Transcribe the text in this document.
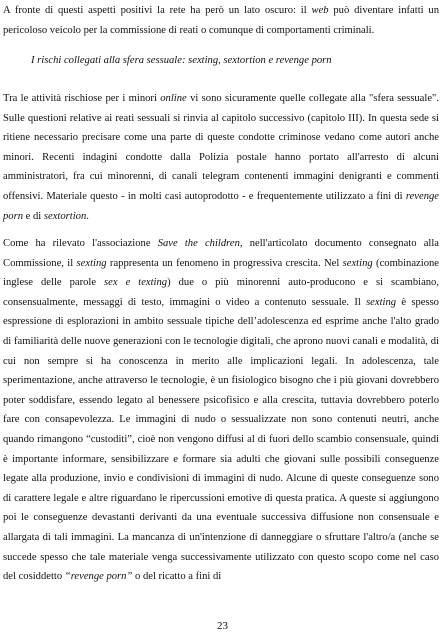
A fronte di questi aspetti positivi la rete ha però un lato oscuro: il web può diventare infatti un pericoloso veicolo per la commissione di reati o comunque di comportamenti criminali.

I rischi collegati alla sfera sessuale: sexting, sextortion e revenge porn

Tra le attività rischiose per i minori online vi sono sicuramente quelle collegate alla "sfera sessuale". Sulle questioni relative ai reati sessuali si rinvia al capitolo successivo (capitolo III). In questa sede si ritiene necessario precisare come una parte di queste condotte criminose vedano come autori anche minori. Recenti indagini condotte dalla Polizia postale hanno portato all'arresto di alcuni amministratori, fra cui minorenni, di canali telegram contenenti immagini denigranti e commenti offensivi. Materiale questo - in molti casi autoprodotto - e frequentemente utilizzato a fini di revenge porn e di sextortion.

Come ha rilevato l'associazione Save the children, nell'articolato documento consegnato alla Commissione, il sexting rappresenta un fenomeno in progressiva crescita. Nel sexting (combinazione inglese delle parole sex e texting) due o più minorenni auto-producono e si scambiano, consensualmente, messaggi di testo, immagini o video a contenuto sessuale. Il sexting è spesso espressione di esplorazioni in ambito sessuale tipiche dell’adolescenza ed esprime anche l'alto grado di familiarità delle nuove generazioni con le tecnologie digitali, che aprono nuovi canali e modalità, di cui non sempre si ha conoscenza in merito alle implicazioni legali. In adolescenza, tale sperimentazione, anche attraverso le tecnologie, è un fisiologico bisogno che i più giovani dovrebbero poter soddisfare, essendo legato al benessere psicofisico e alla crescita, tuttavia dovrebbero poterlo fare con consapevolezza. Le immagini di nudo o sessualizzate non sono contenuti neutri, anche quando rimangono “custoditi”, cioè non vengono diffusi al di fuori dello scambio consensuale, quindi è importante informare, sensibilizzare e formare sia adulti che giovani sulle possibili conseguenze legate alla produzione, invio e condivisioni di immagini di nudo. Alcune di queste conseguenze sono di carattere legale e altre riguardano le ripercussioni emotive di questa pratica. A queste si aggiungono poi le conseguenze devastanti derivanti da una eventuale successiva diffusione non consensuale e allargata di tali immagini. La mancanza di un'intenzione di danneggiare o sfruttare l'altro/a (anche se succede spesso che tale materiale venga successivamente utilizzato con questo scopo come nel caso del cosiddetto “revenge porn” o del ricatto a fini di

23
